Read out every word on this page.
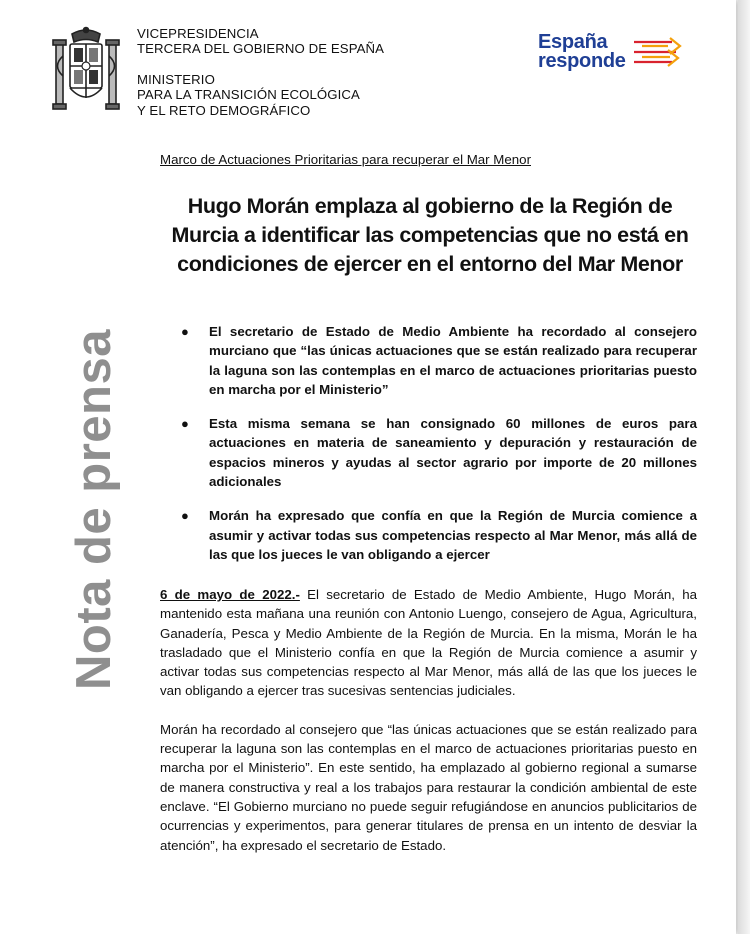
VICEPRESIDENCIA
TERCERA DEL GOBIERNO DE ESPAÑA
MINISTERIO
PARA LA TRANSICIÓN ECOLÓGICA
Y EL RETO DEMOGRÁFICO
España
responde
Nota de prensa
Marco de Actuaciones Prioritarias para recuperar el Mar Menor
Hugo Morán emplaza al gobierno de la Región de
Murcia a identificar las competencias que no está en
condiciones de ejercer en el entorno del Mar Menor
● El secretario de Estado de Medio Ambiente ha recordado al consejero murciano que “las únicas actuaciones que se están realizado para recuperar la laguna son las contemplas en el marco de actuaciones prioritarias puesto en marcha por el Ministerio”
● Esta misma semana se han consignado 60 millones de euros para actuaciones en materia de saneamiento y depuración y restauración de espacios mineros y ayudas al sector agrario por importe de 20 millones adicionales
● Morán ha expresado que confía en que la Región de Murcia comience a asumir y activar todas sus competencias respecto al Mar Menor, más allá de las que los jueces le van obligando a ejercer

6 de mayo de 2022.- El secretario de Estado de Medio Ambiente, Hugo Morán, ha mantenido esta mañana una reunión con Antonio Luengo, consejero de Agua, Agricultura, Ganadería, Pesca y Medio Ambiente de la Región de Murcia. En la misma, Morán le ha trasladado que el Ministerio confía en que la Región de Murcia comience a asumir y activar todas sus competencias respecto al Mar Menor, más allá de las que los jueces le van obligando a ejercer tras sucesivas sentencias judiciales.

Morán ha recordado al consejero que “las únicas actuaciones que se están realizado para recuperar la laguna son las contemplas en el marco de actuaciones prioritarias puesto en marcha por el Ministerio”. En este sentido, ha emplazado al gobierno regional a sumarse de manera constructiva y real a los trabajos para restaurar la condición ambiental de este enclave. “El Gobierno murciano no puede seguir refugiándose en anuncios publicitarios de ocurrencias y experimentos, para generar titulares de prensa en un intento de desviar la atención”, ha expresado el secretario de Estado.
